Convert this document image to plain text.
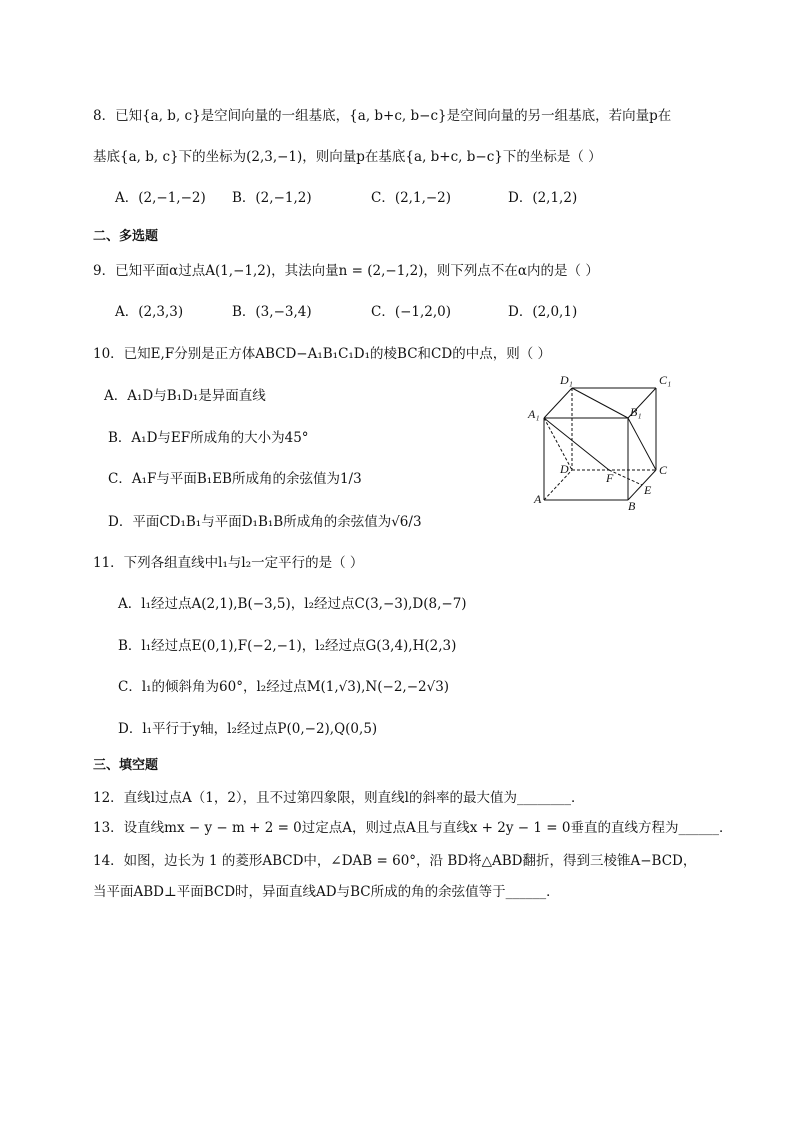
8．已知{a, b, c}是空间向量的一组基底，{a, b+c, b−c}是空间向量的另一组基底，若向量p在
基底{a, b, c}下的坐标为(2,3,−1)，则向量p在基底{a, b+c, b−c}下的坐标是（ ）
A．(2,−1,−2) B．(2,−1,2)	C．(2,1,−2)	D．(2,1,2)
二、多选题
9．已知平面α过点A(1,−1,2)，其法向量n = (2,−1,2)，则下列点不在α内的是（ ）
A．(2,3,3)	B．(3,−3,4)	C．(−1,2,0)	D．(2,0,1)
10．已知E,F分别是正方体ABCD−A₁B₁C₁D₁的棱BC和CD的中点，则（ ）
A．A₁D与B₁D₁是异面直线
B．A₁D与EF所成角的大小为45°
C．A₁F与平面B₁EB所成角的余弦值为1/3
D．平面CD₁B₁与平面D₁B₁B所成角的余弦值为√6/3
D₁	C₁
A₁	B₁
D	C
F
A	B
E
11．下列各组直线中l₁与l₂一定平行的是（ ）
A．l₁经过点A(2,1),B(−3,5)，l₂经过点C(3,−3),D(8,−7)
B．l₁经过点E(0,1),F(−2,−1)，l₂经过点G(3,4),H(2,3)
C．l₁的倾斜角为60°，l₂经过点M(1,√3),N(−2,−2√3)
D．l₁平行于y轴，l₂经过点P(0,−2),Q(0,5)
三、填空题
12．直线l过点A（1，2），且不过第四象限，则直线l的斜率的最大值为________．
13．设直线mx − y − m + 2 = 0过定点A，则过点A且与直线x + 2y − 1 = 0垂直的直线方程为______．
14．如图，边长为 1 的菱形ABCD中，∠DAB = 60°，沿 BD将△ABD翻折，得到三棱锥A−BCD，
当平面ABD⊥平面BCD时，异面直线AD与BC所成的角的余弦值等于______．
